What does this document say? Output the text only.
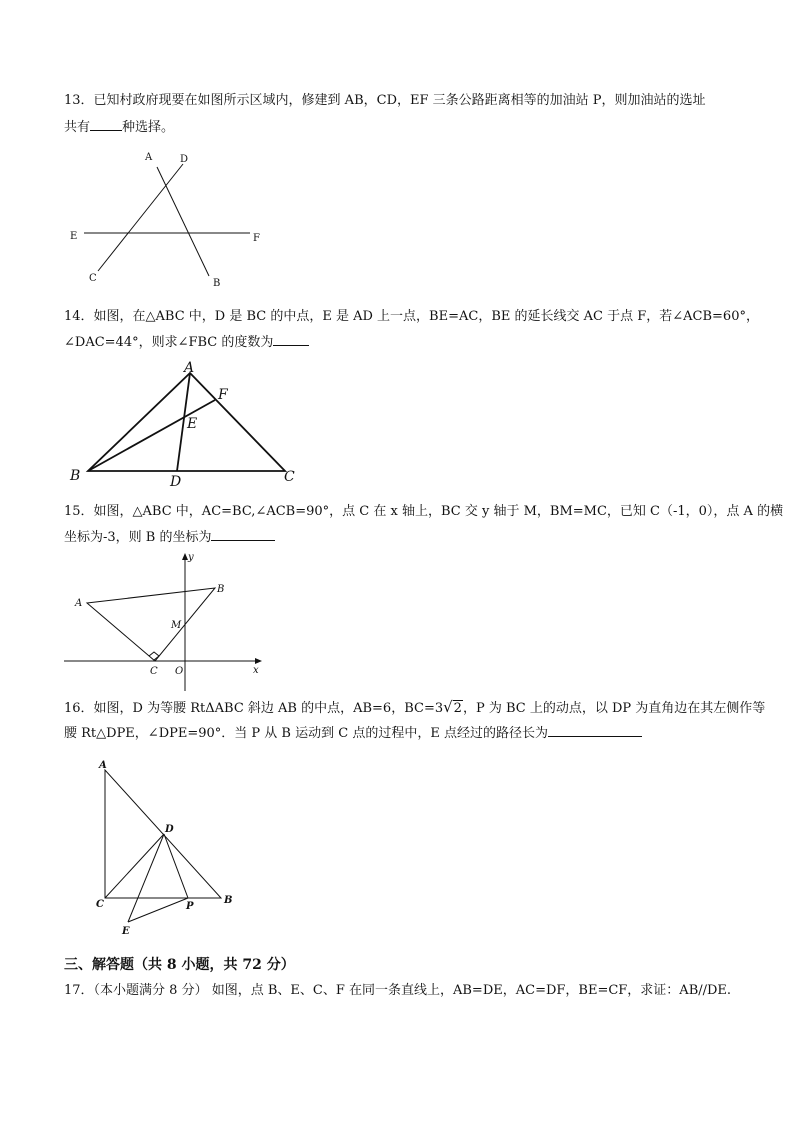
13．已知村政府现要在如图所示区域内，修建到 AB，CD，EF 三条公路距离相等的加油站 P，则加油站的选址
共有 种选择。
A	D
E	F
C	B
14．如图，在△ABC 中，D 是 BC 的中点，E 是 AD 上一点，BE=AC，BE 的延长线交 AC 于点 F，若∠ACB=60°，
∠DAC=44°，则求∠FBC 的度数为
A
F
E
B	D	C
15．如图，△ABC 中，AC=BC,∠ACB=90°，点 C 在 x 轴上，BC 交 y 轴于 M，BM=MC，已知 C（-1，0），点 A 的横
坐标为-3，则 B 的坐标为
y
x
A
B
M
C O
16．如图，D 为等腰 RtΔABC 斜边 AB 的中点，AB=6，BC=3√2，P 为 BC 上的动点，以 DP 为直角边在其左侧作等
腰 Rt△DPE，∠DPE=90°．当 P 从 B 运动到 C 点的过程中，E 点经过的路径长为
A
D
C	P
B
E
三、解答题（共 8 小题，共 72 分）
17．（本小题满分 8 分） 如图，点 B、E、C、F 在同一条直线上，AB=DE，AC=DF，BE=CF，求证：AB//DE.
